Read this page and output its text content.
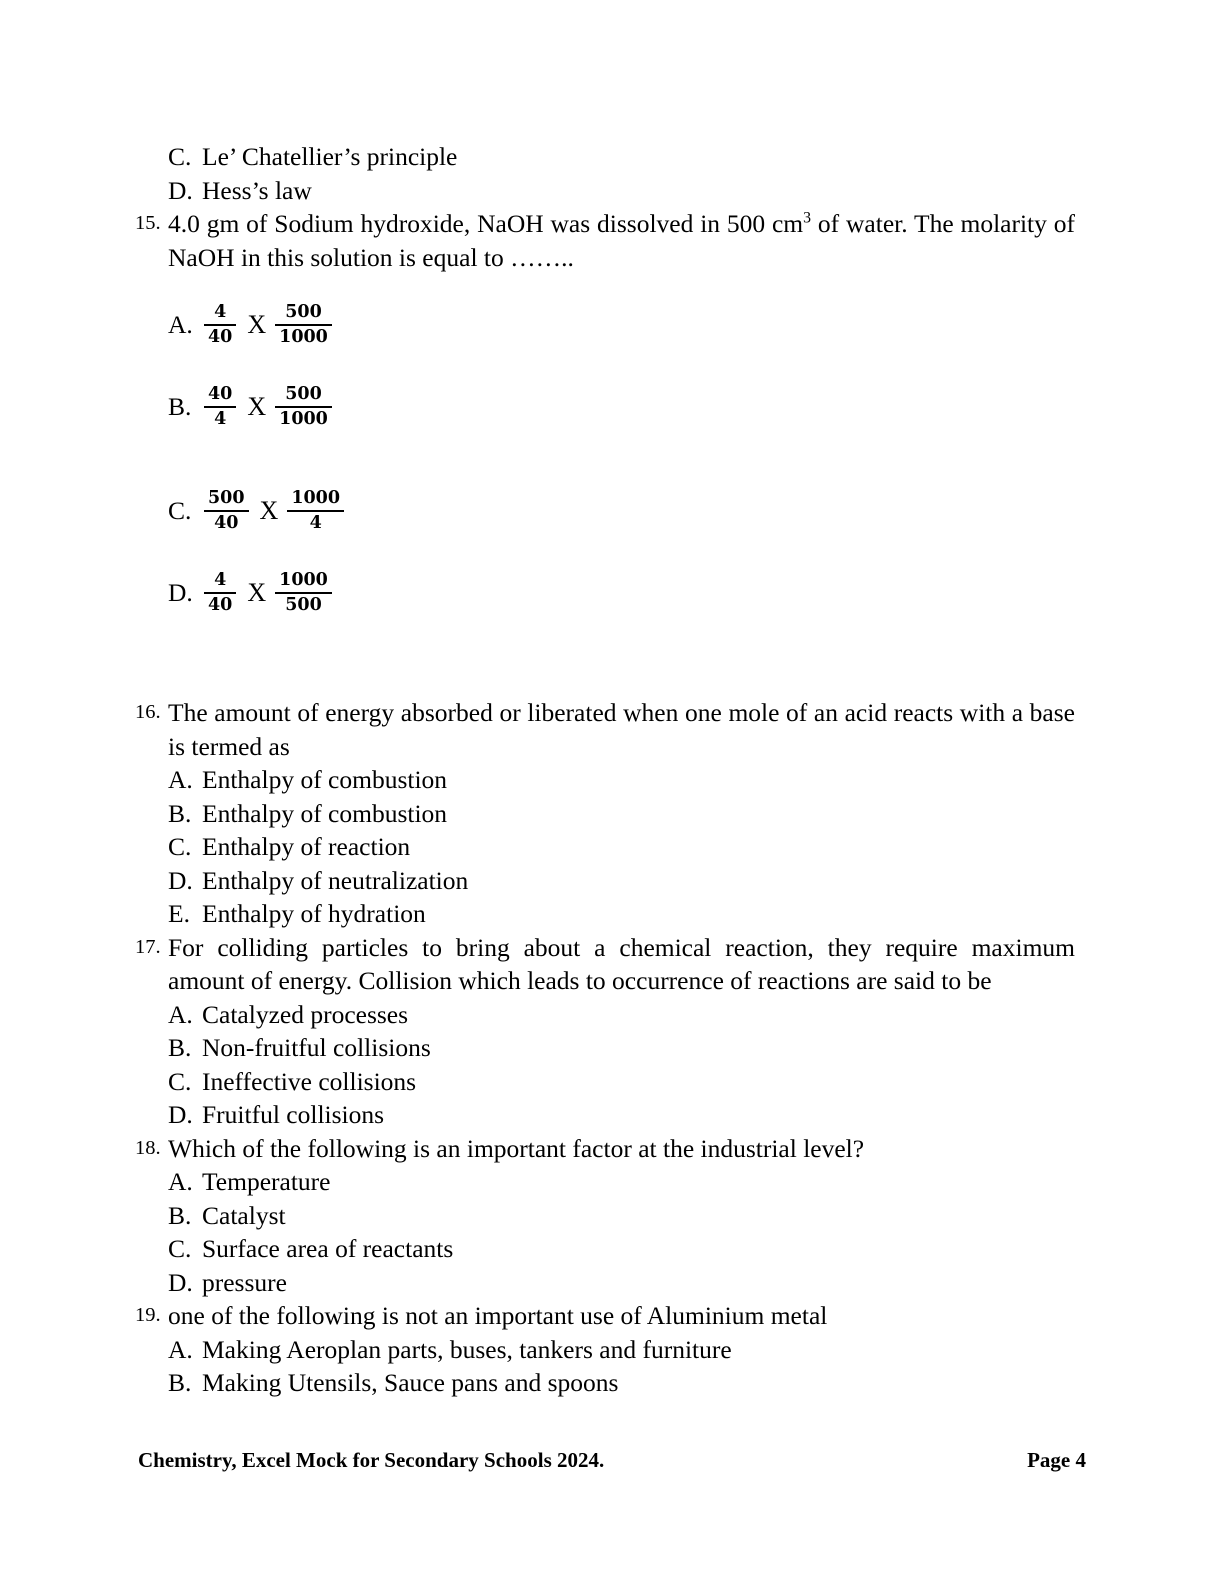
C. Le’ Chatellier’s principle
D. Hess’s law
15. 4.0 gm of Sodium hydroxide, NaOH was dissolved in 500 $cm^3$ of water. The molarity of NaOH in this solution is equal to ……..
A. $\frac{4}{40}$ X $\frac{500}{1000}$
B. $\frac{40}{4}$ X $\frac{500}{1000}$
C. $\frac{500}{40}$ X $\frac{1000}{4}$
D. $\frac{4}{40}$ X $\frac{1000}{500}$
16. The amount of energy absorbed or liberated when one mole of an acid reacts with a base is termed as
A. Enthalpy of combustion
B. Enthalpy of combustion
C. Enthalpy of reaction
D. Enthalpy of neutralization
E. Enthalpy of hydration
17. For colliding particles to bring about a chemical reaction, they require maximum amount of energy. Collision which leads to occurrence of reactions are said to be
A. Catalyzed processes
B. Non-fruitful collisions
C. Ineffective collisions
D. Fruitful collisions
18. Which of the following is an important factor at the industrial level?
A. Temperature
B. Catalyst
C. Surface area of reactants
D. pressure
19. one of the following is not an important use of Aluminium metal
A. Making Aeroplan parts, buses, tankers and furniture
B. Making Utensils, Sauce pans and spoons
Chemistry, Excel Mock for Secondary Schools 2024.	Page 4
